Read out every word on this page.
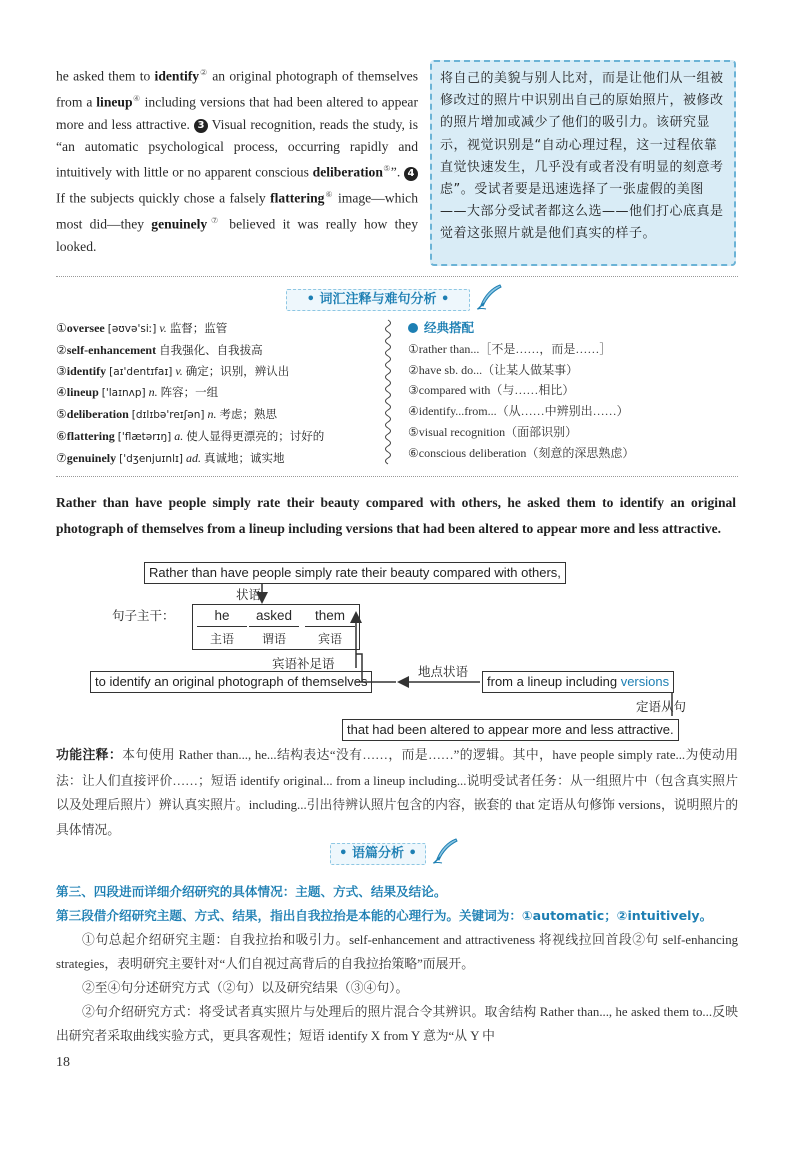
he asked them to identify② an original photograph of themselves from a lineup④ including versions that had been altered to appear more and less attractive. 3 Visual recognition, reads the study, is “an automatic psychological process, occurring rapidly and intuitively with little or no apparent conscious deliberation⑤”. 4If the subjects quickly chose a falsely flattering⑥ image—which most did—they genuinely⑦ believed it was really how they looked.

将自己的美貌与别人比对，而是让他们从一组被修改过的照片中识别出自己的原始照片，被修改的照片增加或减少了他们的吸引力。该研究显示，视觉识别是“自动心理过程，这一过程依靠直觉快速发生，几乎没有或者没有明显的刻意考虑”。受试者要是迅速选择了一张虚假的美图——大部分受试者都这么选——他们打心底真是觉着这张照片就是他们真实的样子。
• 词汇注释与难句分析 •
①oversee [əʊvə'siː] v. 监督；监管
②self-enhancement 自我强化、自我拔高
③identify [aɪ'dentɪfaɪ] v. 确定；识别，辨认出
④lineup ['laɪnʌp] n. 阵容；一组
⑤deliberation [dɪlɪbə'reɪʃən] n. 考虑；熟思
⑥flattering ['flætərɪŋ] a. 使人显得更漂亮的；讨好的
⑦genuinely ['dʒenjuɪnlɪ] ad. 真诚地；诚实地
经典搭配
①rather than...［不是……，而是……］
②have sb. do...（让某人做某事）
③compared with（与……相比）
④identify...from...（从……中辨别出……）
⑤visual recognition（面部识别）
⑥conscious deliberation（刻意的深思熟虑）
Rather than have people simply rate their beauty compared with others, he asked them to identify an original photograph of themselves from a lineup including versions that had been altered to appear more and less attractive.
Rather than have people simply rate their beauty compared with others,
状语
句子主干：	he
主语
asked
谓语
them
宾语
宾语补足语
地点状语
to identify an original photograph of themselves	from a lineup including versions
定语从句
that had been altered to appear more and less attractive.
功能注释：本句使用 Rather than..., he...结构表达“没有……，而是……”的逻辑。其中，have people simply rate...为使动用法：让人们直接评价……；短语 identify original... from a lineup including...说明受试者任务：从一组照片中（包含真实照片以及处理后照片）辨认真实照片。including...引出待辨认照片包含的内容，嵌套的 that 定语从句修饰 versions，说明照片的具体情况。
• 语篇分析 •

第三、四段进而详细介绍研究的具体情况：主题、方式、结果及结论。

第三段借介绍研究主题、方式、结果，指出自我拉抬是本能的心理行为。关键词为：①automatic；②intuitively。

①句总起介绍研究主题：自我拉抬和吸引力。self-enhancement and attractiveness 将视线拉回首段②句 self-enhancing strategies，表明研究主要针对“人们自视过高背后的自我拉抬策略”而展开。

②至④句分述研究方式（②句）以及研究结果（③④句）。

②句介绍研究方式：将受试者真实照片与处理后的照片混合令其辨识。取舍结构 Rather than..., he asked them to...反映出研究者采取曲线实验方式，更具客观性；短语 identify X from Y 意为“从 Y 中

18
